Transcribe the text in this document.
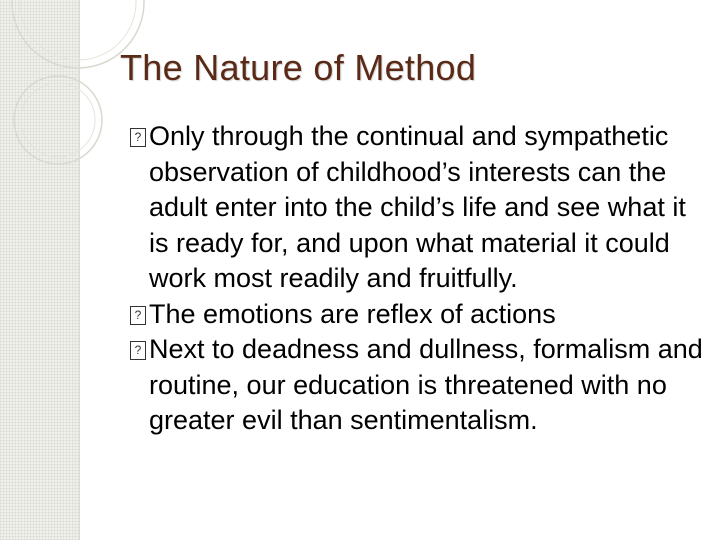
The Nature of Method
? Only through the continual and sympathetic observation of childhood’s interests can the adult enter into the child’s life and see what it is ready for, and upon what material it could work most readily and fruitfully.
? The emotions are reflex of actions
? Next to deadness and dullness, formalism and routine, our education is threatened with no greater evil than sentimentalism.
